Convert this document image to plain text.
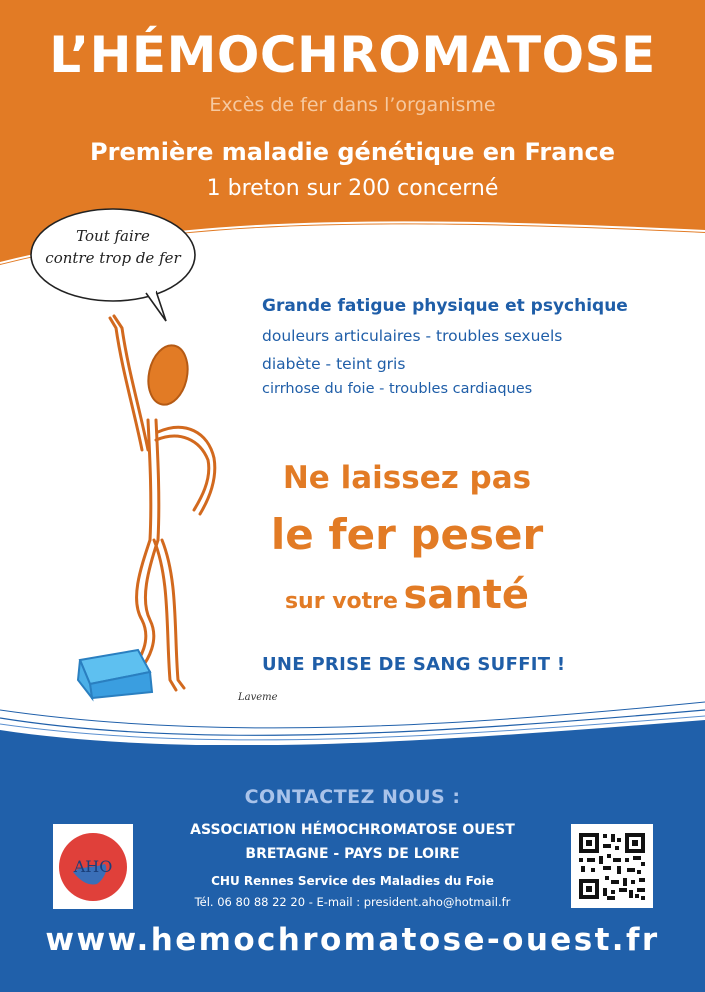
L’HÉMOCHROMATOSE
Excès de fer dans l’organisme
Première maladie génétique en France
1 breton sur 200 concerné
Tout faire
contre trop de fer
Laveme
Grande fatigue physique et psychique
douleurs articulaires - troubles sexuels
diabète - teint gris
cirrhose du foie - troubles cardiaques
Ne laissez pas
le fer peser
sur votre santé
UNE PRISE DE SANG SUFFIT !
CONTACTEZ NOUS :
AHO
ASSOCIATION HÉMOCHROMATOSE OUEST
BRETAGNE - PAYS DE LOIRE
CHU Rennes Service des Maladies du Foie
Tél. 06 80 88 22 20 - E-mail : president.aho@hotmail.fr
www.hemochromatose-ouest.fr
